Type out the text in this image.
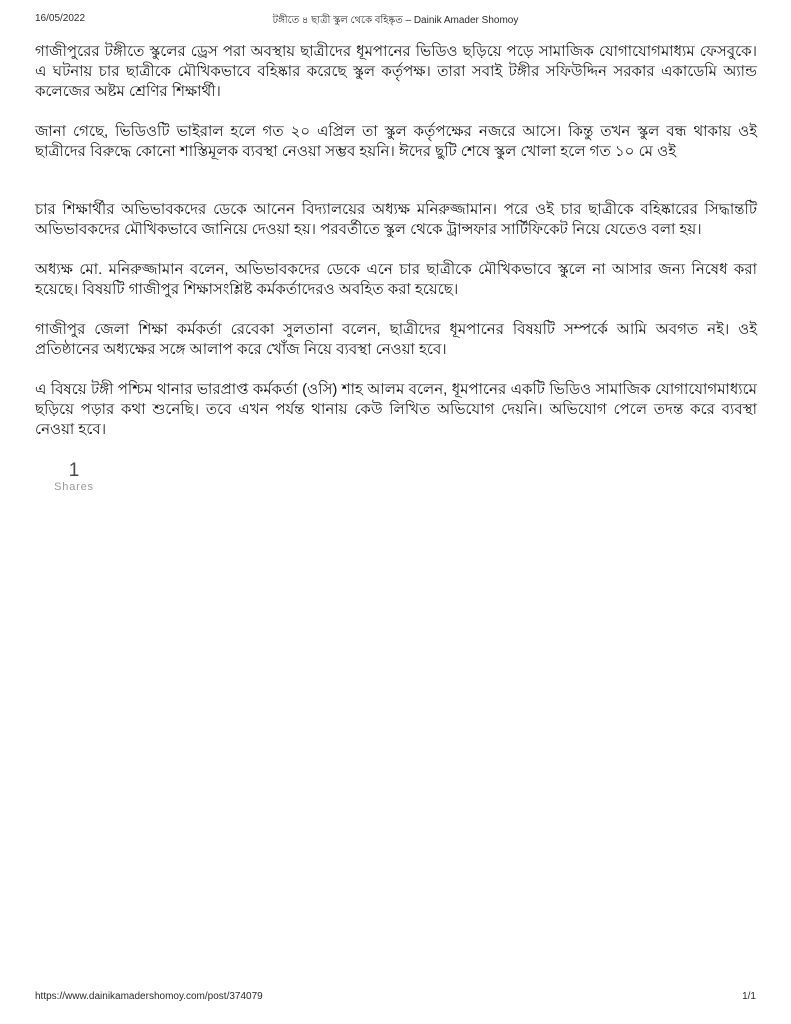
16/05/2022	টঙ্গীতে ৪ ছাত্রী স্কুল থেকে বহিষ্কৃত – Dainik Amader Shomoy

গাজীপুরের টঙ্গীতে স্কুলের ড্রেস পরা অবস্থায় ছাত্রীদের ধূমপানের ভিডিও ছড়িয়ে পড়ে সামাজিক যোগাযোগমাধ্যম ফেসবুকে। এ ঘটনায় চার ছাত্রীকে মৌখিকভাবে বহিষ্কার করেছে স্কুল কর্তৃপক্ষ। তারা সবাই টঙ্গীর সফিউদ্দিন সরকার একাডেমি অ্যান্ড কলেজের অষ্টম শ্রেণির শিক্ষার্থী।

জানা গেছে, ভিডিওটি ভাইরাল হলে গত ২০ এপ্রিল তা স্কুল কর্তৃপক্ষের নজরে আসে। কিন্তু তখন স্কুল বন্ধ থাকায় ওই ছাত্রীদের বিরুদ্ধে কোনো শাস্তিমূলক ব্যবস্থা নেওয়া সম্ভব হয়নি। ঈদের ছুটি শেষে স্কুল খোলা হলে গত ১০ মে ওই

চার শিক্ষার্থীর অভিভাবকদের ডেকে আনেন বিদ্যালয়ের অধ্যক্ষ মনিরুজ্জামান। পরে ওই চার ছাত্রীকে বহিষ্কারের সিদ্ধান্তটি অভিভাবকদের মৌখিকভাবে জানিয়ে দেওয়া হয়। পরবর্তীতে স্কুল থেকে ট্রান্সফার সার্টিফিকেট নিয়ে যেতেও বলা হয়।

অধ্যক্ষ মো. মনিরুজ্জামান বলেন, অভিভাবকদের ডেকে এনে চার ছাত্রীকে মৌখিকভাবে স্কুলে না আসার জন্য নিষেধ করা হয়েছে। বিষয়টি গাজীপুর শিক্ষাসংশ্লিষ্ট কর্মকর্তাদেরও অবহিত করা হয়েছে।

গাজীপুর জেলা শিক্ষা কর্মকর্তা রেবেকা সুলতানা বলেন, ছাত্রীদের ধূমপানের বিষয়টি সম্পর্কে আমি অবগত নই। ওই প্রতিষ্ঠানের অধ্যক্ষের সঙ্গে আলাপ করে খোঁজ নিয়ে ব্যবস্থা নেওয়া হবে।

এ বিষয়ে টঙ্গী পশ্চিম থানার ভারপ্রাপ্ত কর্মকর্তা (ওসি) শাহ আলম বলেন, ধূমপানের একটি ভিডিও সামাজিক যোগাযোগমাধ্যমে ছড়িয়ে পড়ার কথা শুনেছি। তবে এখন পর্যন্ত থানায় কেউ লিখিত অভিযোগ দেয়নি। অভিযোগ পেলে তদন্ত করে ব্যবস্থা নেওয়া হবে।

1
Shares
https://www.dainikamadershomoy.com/post/374079	1/1
